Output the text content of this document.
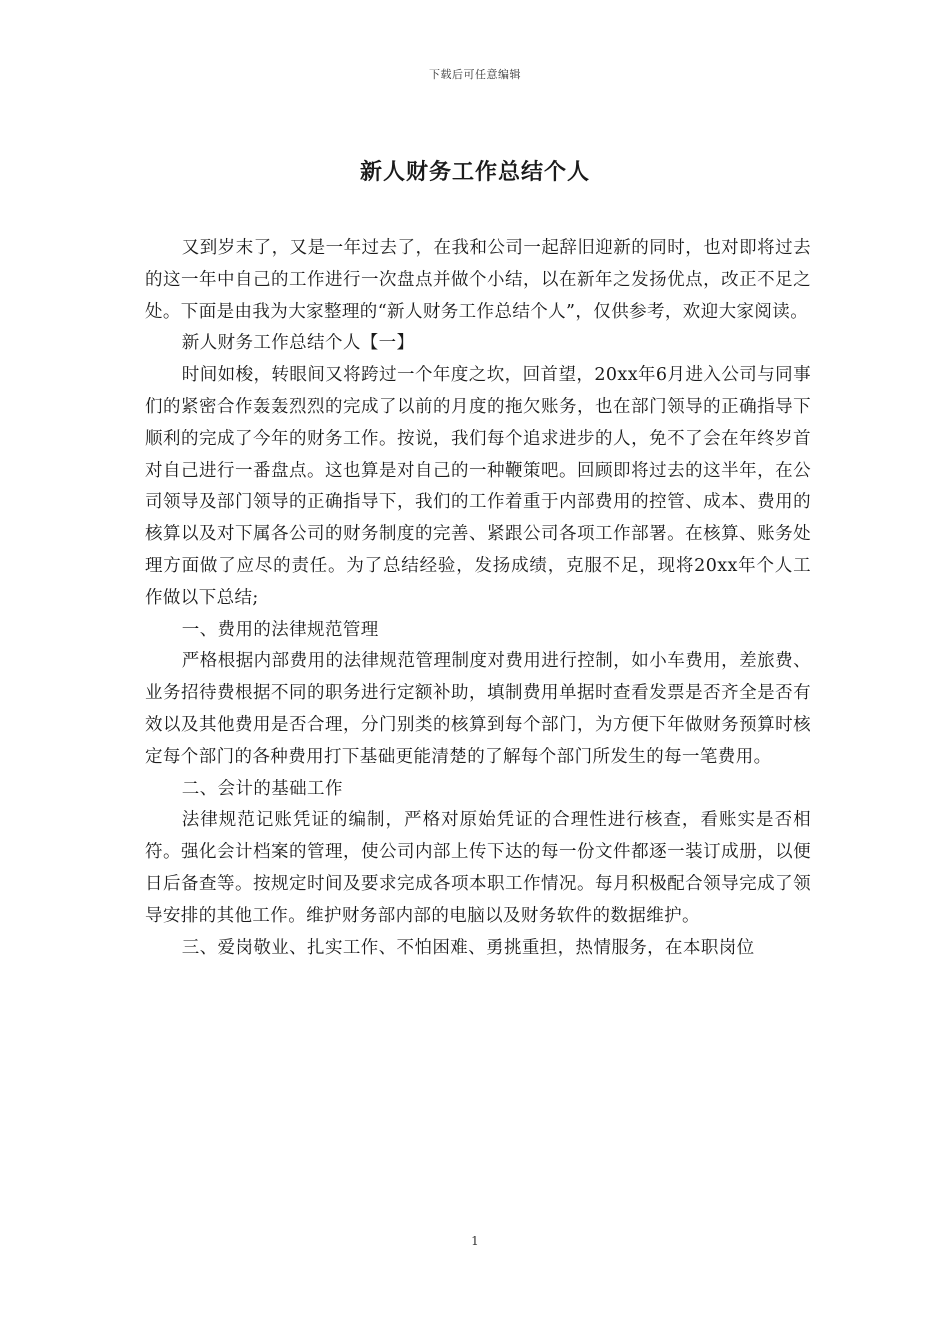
下载后可任意编辑
新人财务工作总结个人

又到岁末了，又是一年过去了，在我和公司一起辞旧迎新的同时，也对即将过去的这一年中自己的工作进行一次盘点并做个小结，以在新年之发扬优点，改正不足之处。下面是由我为大家整理的“新人财务工作总结个人”，仅供参考，欢迎大家阅读。

新人财务工作总结个人【一】

时间如梭，转眼间又将跨过一个年度之坎，回首望，20xx年6月进入公司与同事们的紧密合作轰轰烈烈的完成了以前的月度的拖欠账务，也在部门领导的正确指导下顺利的完成了今年的财务工作。按说，我们每个追求进步的人，免不了会在年终岁首对自己进行一番盘点。这也算是对自己的一种鞭策吧。回顾即将过去的这半年，在公司领导及部门领导的正确指导下，我们的工作着重于内部费用的控管、成本、费用的核算以及对下属各公司的财务制度的完善、紧跟公司各项工作部署。在核算、账务处理方面做了应尽的责任。为了总结经验，发扬成绩，克服不足，现将20xx年个人工作做以下总结;

一、费用的法律规范管理

严格根据内部费用的法律规范管理制度对费用进行控制，如小车费用，差旅费、业务招待费根据不同的职务进行定额补助，填制费用单据时查看发票是否齐全是否有效以及其他费用是否合理，分门别类的核算到每个部门，为方便下年做财务预算时核定每个部门的各种费用打下基础更能清楚的了解每个部门所发生的每一笔费用。

二、会计的基础工作

法律规范记账凭证的编制，严格对原始凭证的合理性进行核查，看账实是否相符。强化会计档案的管理，使公司内部上传下达的每一份文件都逐一装订成册，以便日后备查等。按规定时间及要求完成各项本职工作情况。每月积极配合领导完成了领导安排的其他工作。维护财务部内部的电脑以及财务软件的数据维护。

三、爱岗敬业、扎实工作、不怕困难、勇挑重担，热情服务，在本职岗位

1
